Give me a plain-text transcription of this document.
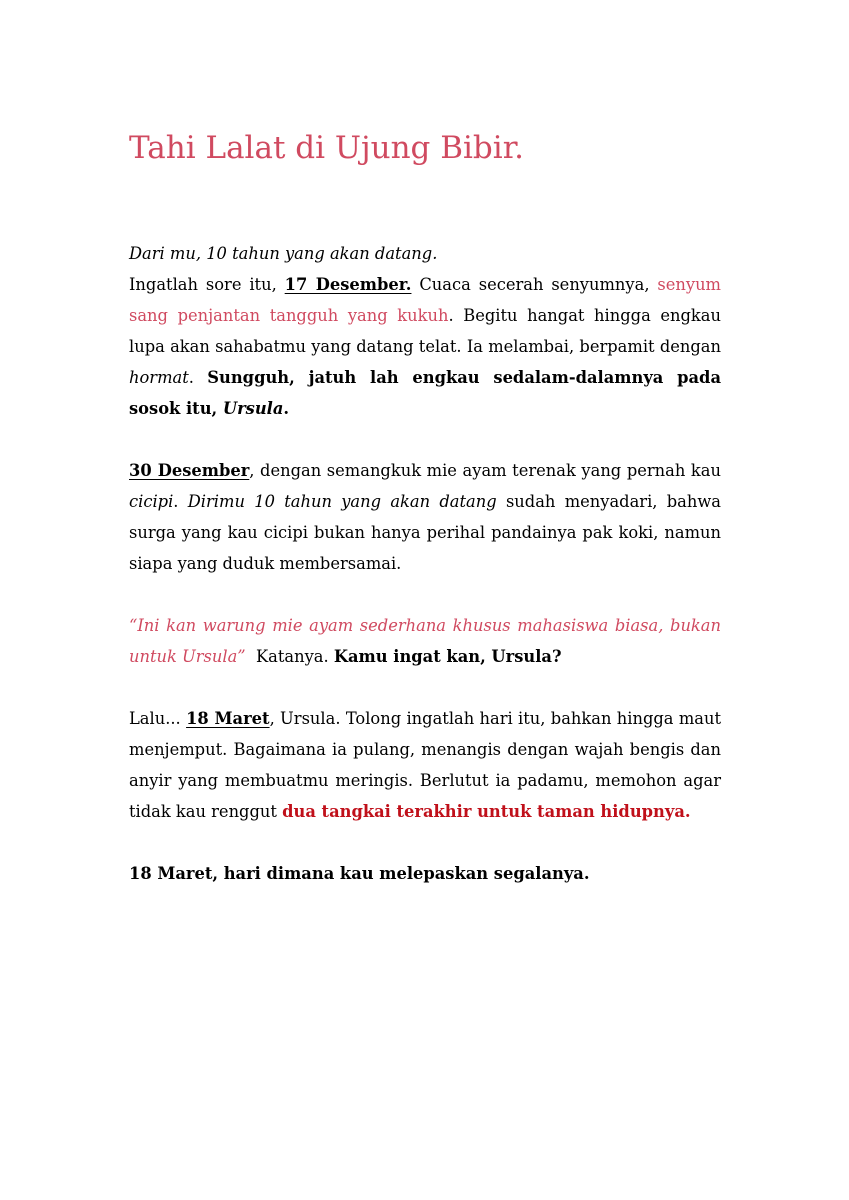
Tahi Lalat di Ujung Bibir.

Dari mu, 10 tahun yang akan datang.
Ingatlah sore itu, 17 Desember. Cuaca secerah senyumnya, senyum sang penjantan tangguh yang kukuh. Begitu hangat hingga engkau lupa akan sahabatmu yang datang telat. Ia melambai, berpamit dengan hormat. Sungguh, jatuh lah engkau sedalam-dalamnya pada sosok itu, Ursula.

30 Desember, dengan semangkuk mie ayam terenak yang pernah kau cicipi. Dirimu 10 tahun yang akan datang sudah menyadari, bahwa surga yang kau cicipi bukan hanya perihal pandainya pak koki, namun siapa yang duduk membersamai.

“Ini kan warung mie ayam sederhana khusus mahasiswa biasa, bukan untuk Ursula”  Katanya. Kamu ingat kan, Ursula?

Lalu... 18 Maret, Ursula. Tolong ingatlah hari itu, bahkan hingga maut menjemput. Bagaimana ia pulang, menangis dengan wajah bengis dan anyir yang membuatmu meringis. Berlutut ia padamu, memohon agar tidak kau renggut dua tangkai terakhir untuk taman hidupnya.

18 Maret, hari dimana kau melepaskan segalanya.
